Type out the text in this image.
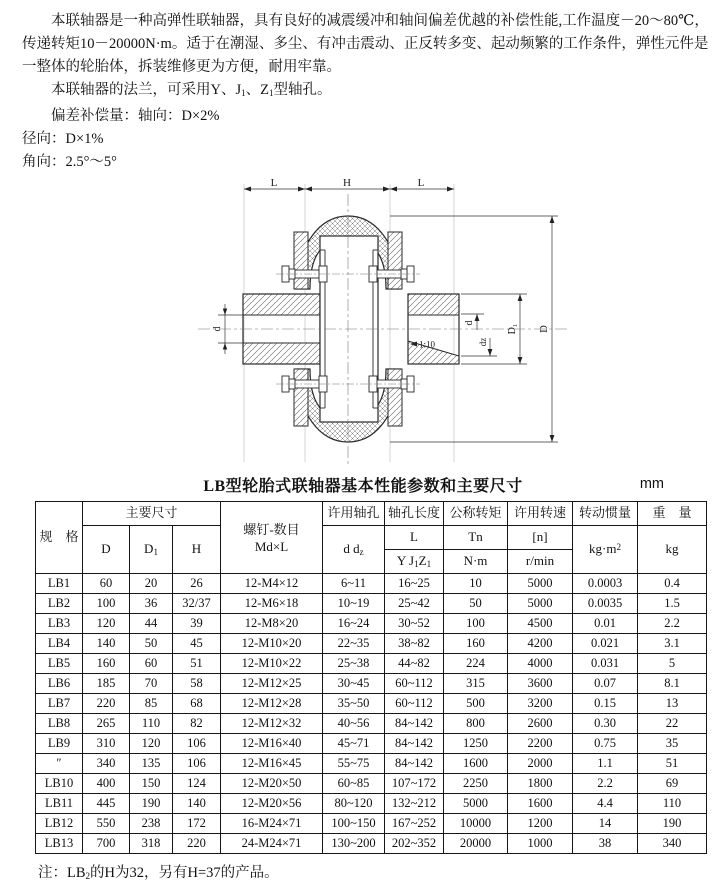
本联轴器是一种高弹性联轴器，具有良好的减震缓冲和轴间偏差优越的补偿性能,工作温度－20～80℃，传递转矩10－20000N·m。适于在潮湿、多尘、有冲击震动、正反转多变、起动频繁的工作条件，弹性元件是一整体的轮胎体，拆装维修更为方便，耐用牢靠。

本联轴器的法兰，可采用Y、$J_1$、$Z_1$型轴孔。

偏差补偿量：轴向：D×2%

径向：D×1%

角向：2.5°～5°

L	H	L
d
d
dz
D₁ D
1:10
LB型轮胎式联轴器基本性能参数和主要尺寸	mm
规　格	主要尺寸			螺钉-数目
Md×L	许用轴孔	轴孔长度	公称转矩	许用转速	转动惯量	重　量
	D	$D_1$	H		d $d_z$	L	Tn	[n]	$kg\cdot m^2$	kg
						Y $J_1Z_1$	N·m	r/min		
LB1	60	20	26	12-M4×12	6~11	16~25	10	5000	0.0003	0.4
LB2	100	36	32/37	12-M6×18	10~19	25~42	50	5000	0.0035	1.5
LB3	120	44	39	12-M8×20	16~24	30~52	100	4500	0.01	2.2
LB4	140	50	45	12-M10×20	22~35	38~82	160	4200	0.021	3.1
LB5	160	60	51	12-M10×22	25~38	44~82	224	4000	0.031	5
LB6	185	70	58	12-M12×25	30~45	60~112	315	3600	0.07	8.1
LB7	220	85	68	12-M12×28	35~50	60~112	500	3200	0.15	13
LB8	265	110	82	12-M12×32	40~56	84~142	800	2600	0.30	22
LB9	310	120	106	12-M16×40	45~71	84~142	1250	2200	0.75	35
″	340	135	106	12-M16×45	55~75	84~142	1600	2000	1.1	51
LB10	400	150	124	12-M20×50	60~85	107~172	2250	1800	2.2	69
LB11	445	190	140	12-M20×56	80~120	132~212	5000	1600	4.4	110
LB12	550	238	172	16-M24×71	100~150	167~252	10000	1200	14	190
LB13	700	318	220	24-M24×71	130~200	202~352	20000	1000	38	340
注：$LB_2$的H为32，另有H=37的产品。
